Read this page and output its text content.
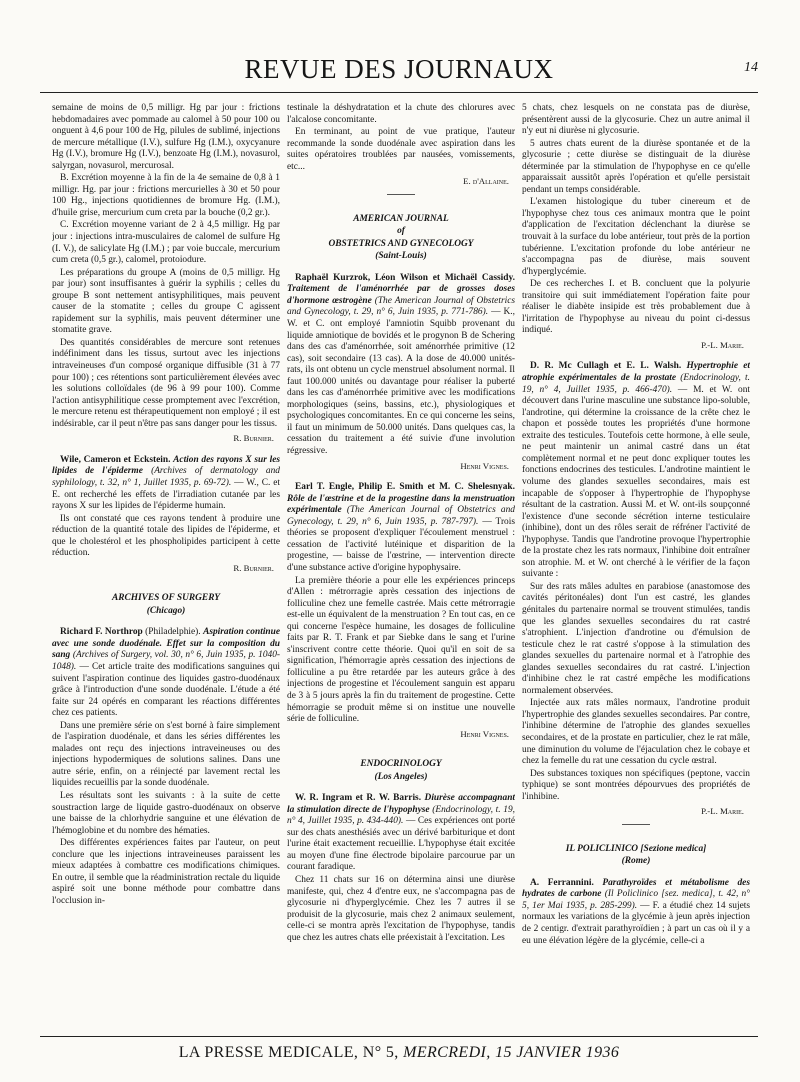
REVUE DES JOURNAUX	14

semaine de moins de 0,5 milligr. Hg par jour : frictions hebdomadaires avec pommade au calomel à 50 pour 100 ou onguent à 4,6 pour 100 de Hg, pilules de sublimé, injections de mercure métallique (I.V.), sulfure Hg (I.M.), oxycyanure Hg (I.V.), bromure Hg (I.V.), benzoate Hg (I.M.), novasurol, salyrgan, novasurol, mercurosal.

B. Excrétion moyenne à la fin de la 4e semaine de 0,8 à 1 milligr. Hg. par jour : frictions mercurielles à 30 et 50 pour 100 Hg., injections quotidiennes de bromure Hg. (I.M.), d'huile grise, mercurium cum creta par la bouche (0,2 gr.).

C. Excrétion moyenne variant de 2 à 4,5 milligr. Hg par jour : injections intra-musculaires de calomel de sulfure Hg (I. V.), de salicylate Hg (I.M.) ; par voie buccale, mercurium cum creta (0,5 gr.), calomel, protoiodure.

Les préparations du groupe A (moins de 0,5 milligr. Hg par jour) sont insuffisantes à guérir la syphilis ; celles du groupe B sont nettement antisyphilitiques, mais peuvent causer de la stomatite ; celles du groupe C agissent rapidement sur la syphilis, mais peuvent déterminer une stomatite grave.

Des quantités considérables de mercure sont retenues indéfiniment dans les tissus, surtout avec les injections intraveineuses d'un composé organique diffusible (31 à 77 pour 100) ; ces rétentions sont particulièrement élevées avec les solutions colloïdales (de 96 à 99 pour 100). Comme l'action antisyphilitique cesse promptement avec l'excrétion, le mercure retenu est thérapeutiquement non employé ; il est indésirable, car il peut n'être pas sans danger pour les tissus.

R. Burnier.

Wile, Cameron et Eckstein. Action des rayons X sur les lipides de l'épiderme (Archives of dermatology and syphilology, t. 32, n° 1, Juillet 1935, p. 69-72). — W., C. et E. ont recherché les effets de l'irradiation cutanée par les rayons X sur les lipides de l'épiderme humain.

Ils ont constaté que ces rayons tendent à produire une réduction de la quantité totale des lipides de l'épiderme, et que le cholestérol et les phospholipides participent à cette réduction.

R. Burnier.
ARCHIVES OF SURGERY
(Chicago)

Richard F. Northrop (Philadelphie). Aspiration continue avec une sonde duodénale. Effet sur la composition du sang (Archives of Surgery, vol. 30, n° 6, Juin 1935, p. 1040-1048). — Cet article traite des modifications sanguines qui suivent l'aspiration continue des liquides gastro-duodénaux grâce à l'introduction d'une sonde duodénale. L'étude a été faite sur 24 opérés en comparant les réactions différentes chez ces patients.

Dans une première série on s'est borné à faire simplement de l'aspiration duodénale, et dans les séries différentes les malades ont reçu des injections intraveineuses ou des injections hypodermiques de solutions salines. Dans une autre série, enfin, on a réinjecté par lavement rectal les liquides recueillis par la sonde duodénale.

Les résultats sont les suivants : à la suite de cette soustraction large de liquide gastro-duodénaux on observe une baisse de la chlorhydrie sanguine et une élévation de l'hémoglobine et du nombre des hématies.

Des différentes expériences faites par l'auteur, on peut conclure que les injections intraveineuses paraissent les mieux adaptées à combattre ces modifications chimiques. En outre, il semble que la réadministration rectale du liquide aspiré soit une bonne méthode pour combattre dans l'occlusion in-

testinale la déshydratation et la chute des chlorures avec l'alcalose concomitante.

En terminant, au point de vue pratique, l'auteur recommande la sonde duodénale avec aspiration dans les suites opératoires troublées par nausées, vomissements, etc...

E. d'Allaine.
AMERICAN JOURNAL
of
OBSTETRICS AND GYNECOLOGY
(Saint-Louis)

Raphaël Kurzrok, Léon Wilson et Michaël Cassidy. Traitement de l'aménorrhée par de grosses doses d'hormone œstrogène (The American Journal of Obstetrics and Gynecology, t. 29, n° 6, Juin 1935, p. 771-786). — K., W. et C. ont employé l'amniotin Squibb provenant du liquide amniotique de bovidés et le progynon B de Schering dans des cas d'aménorrhée, soit aménorrhée primitive (12 cas), soit secondaire (13 cas). A la dose de 40.000 unités-rats, ils ont obtenu un cycle menstruel absolument normal. Il faut 100.000 unités ou davantage pour réaliser la puberté dans les cas d'aménorrhée primitive avec les modifications morphologiques (seins, bassins, etc.), physiologiques et psychologiques concomitantes. En ce qui concerne les seins, il faut un minimum de 50.000 unités. Dans quelques cas, la cessation du traitement a été suivie d'une involution régressive.

Henri Vignes.

Earl T. Engle, Philip E. Smith et M. C. Shelesnyak. Rôle de l'œstrine et de la progestine dans la menstruation expérimentale (The American Journal of Obstetrics and Gynecology, t. 29, n° 6, Juin 1935, p. 787-797). — Trois théories se proposent d'expliquer l'écoulement menstruel : cessation de l'activité lutéinique et disparition de la progestine, — baisse de l'œstrine, — intervention directe d'une substance active d'origine hypophysaire.

La première théorie a pour elle les expériences princeps d'Allen : métrorragie après cessation des injections de folliculine chez une femelle castrée. Mais cette métrorragie est-elle un équivalent de la menstruation ? En tout cas, en ce qui concerne l'espèce humaine, les dosages de folliculine faits par R. T. Frank et par Siebke dans le sang et l'urine s'inscrivent contre cette théorie. Quoi qu'il en soit de sa signification, l'hémorragie après cessation des injections de folliculine a pu être retardée par les auteurs grâce à des injections de progestine et l'écoulement sanguin est apparu de 3 à 5 jours après la fin du traitement de progestine. Cette hémorragie se produit même si on institue une nouvelle série de folliculine.

Henri Vignes.
ENDOCRINOLOGY
(Los Angeles)

W. R. Ingram et R. W. Barris. Diurèse accompagnant la stimulation directe de l'hypophyse (Endocrinology, t. 19, n° 4, Juillet 1935, p. 434-440). — Ces expériences ont porté sur des chats anesthésiés avec un dérivé barbiturique et dont l'urine était exactement recueillie. L'hypophyse était excitée au moyen d'une fine électrode bipolaire parcourue par un courant faradique.

Chez 11 chats sur 16 on détermina ainsi une diurèse manifeste, qui, chez 4 d'entre eux, ne s'accompagna pas de glycosurie ni d'hyperglycémie. Chez les 7 autres il se produisit de la glycosurie, mais chez 2 animaux seulement, celle-ci se montra après l'excitation de l'hypophyse, tandis que chez les autres chats elle préexistait à l'excitation. Les

5 chats, chez lesquels on ne constata pas de diurèse, présentèrent aussi de la glycosurie. Chez un autre animal il n'y eut ni diurèse ni glycosurie.

5 autres chats eurent de la diurèse spontanée et de la glycosurie ; cette diurèse se distinguait de la diurèse déterminée par la stimulation de l'hypophyse en ce qu'elle apparaissait aussitôt après l'opération et qu'elle persistait pendant un temps considérable.

L'examen histologique du tuber cinereum et de l'hypophyse chez tous ces animaux montra que le point d'application de l'excitation déclenchant la diurèse se trouvait à la surface du lobe antérieur, tout près de la portion tubérienne. L'excitation profonde du lobe antérieur ne s'accompagna pas de diurèse, mais souvent d'hyperglycémie.

De ces recherches I. et B. concluent que la polyurie transitoire qui suit immédiatement l'opération faite pour réaliser le diabète insipide est très probablement due à l'irritation de l'hypophyse au niveau du point ci-dessus indiqué.

P.-L. Marie.

D. R. Mc Cullagh et E. L. Walsh. Hypertrophie et atrophie expérimentales de la prostate (Endocrinology, t. 19, n° 4, Juillet 1935, p. 466-470). — M. et W. ont découvert dans l'urine masculine une substance lipo-soluble, l'androtine, qui détermine la croissance de la crête chez le chapon et possède toutes les propriétés d'une hormone extraite des testicules. Toutefois cette hormone, à elle seule, ne peut maintenir un animal castré dans un état complètement normal et ne peut donc expliquer toutes les fonctions endocrines des testicules. L'androtine maintient le volume des glandes sexuelles secondaires, mais est incapable de s'opposer à l'hypertrophie de l'hypophyse résultant de la castration. Aussi M. et W. ont-ils soupçonné l'existence d'une seconde sécrétion interne testiculaire (inhibine), dont un des rôles serait de réfréner l'activité de l'hypophyse. Tandis que l'androtine provoque l'hypertrophie de la prostate chez les rats normaux, l'inhibine doit entraîner son atrophie. M. et W. ont cherché à le vérifier de la façon suivante :

Sur des rats mâles adultes en parabiose (anastomose des cavités péritonéales) dont l'un est castré, les glandes génitales du partenaire normal se trouvent stimulées, tandis que les glandes sexuelles secondaires du rat castré s'atrophient. L'injection d'androtine ou d'émulsion de testicule chez le rat castré s'oppose à la stimulation des glandes sexuelles du partenaire normal et à l'atrophie des glandes sexuelles secondaires du rat castré. L'injection d'inhibine chez le rat castré empêche les modifications normalement observées.

Injectée aux rats mâles normaux, l'androtine produit l'hypertrophie des glandes sexuelles secondaires. Par contre, l'inhibine détermine de l'atrophie des glandes sexuelles secondaires, et de la prostate en particulier, chez le rat mâle, une diminution du volume de l'éjaculation chez le cobaye et chez la femelle du rat une cessation du cycle œstral.

Des substances toxiques non spécifiques (peptone, vaccin typhique) se sont montrées dépourvues des propriétés de l'inhibine.

P.-L. Marie.
IL POLICLINICO [Sezione medica]
(Rome)

A. Ferrannini. Parathyroïdes et métabolisme des hydrates de carbone (Il Policlinico [sez. medica], t. 42, n° 5, 1er Mai 1935, p. 285-299). — F. a étudié chez 14 sujets normaux les variations de la glycémie à jeun après injection de 2 centigr. d'extrait parathyroïdien ; à part un cas où il y a eu une élévation légère de la glycémie, celle-ci a

LA PRESSE MEDICALE, N° 5, MERCREDI, 15 JANVIER 1936
